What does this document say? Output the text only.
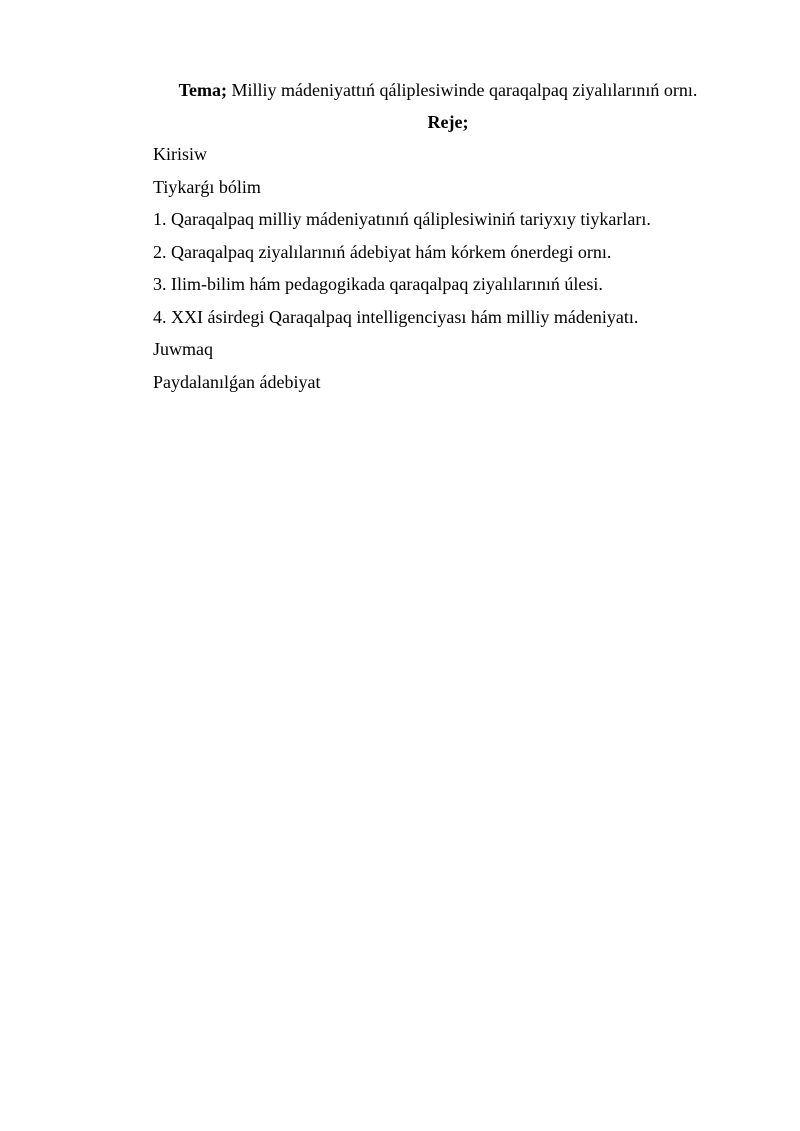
Tema; Milliy mádeniyattıń qáliplesiwinde qaraqalpaq ziyalılarınıń ornı.
Reje;
Kirisiw
Tiykarǵı bólim
1. Qaraqalpaq milliy mádeniyatınıń qáliplesiwiniń tariyxıy tiykarları.
2. Qaraqalpaq ziyalılarınıń ádebiyat hám kórkem ónerdegi ornı.
3. Ilim-bilim hám pedagogikada qaraqalpaq ziyalılarınıń úlesi.
4. XXI ásirdegi Qaraqalpaq intelligenciyası hám milliy mádeniyatı.
Juwmaq
Paydalanılǵan ádebiyat
